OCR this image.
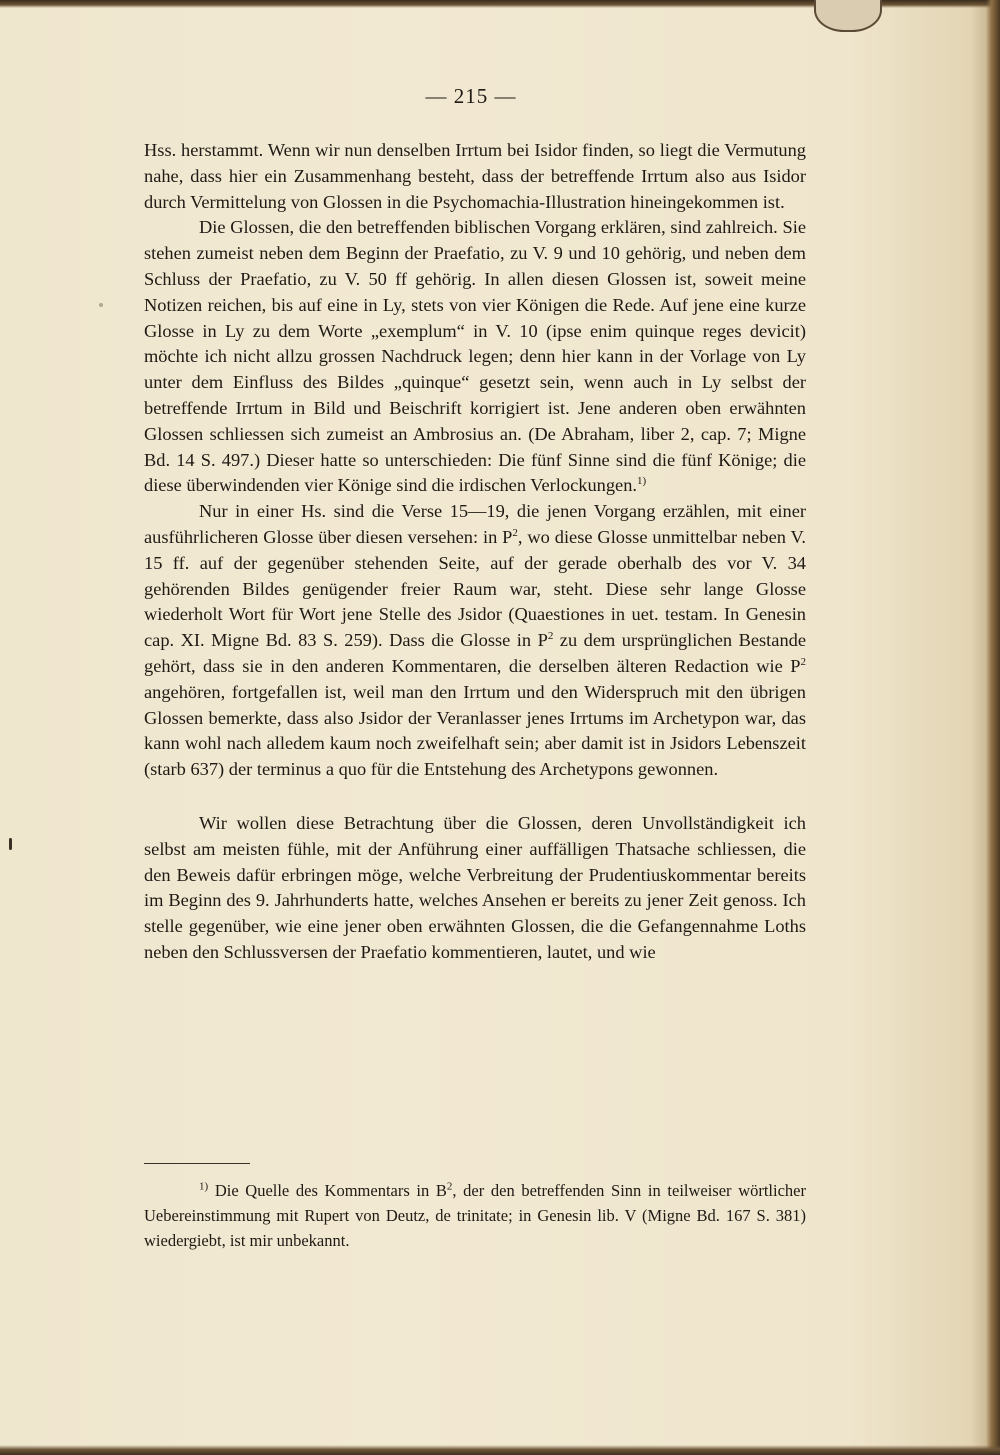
— 215 —

Hss. herstammt. Wenn wir nun denselben Irrtum bei Isidor finden, so liegt die Vermutung nahe, dass hier ein Zusammenhang besteht, dass der betreffende Irrtum also aus Isidor durch Vermittelung von Glossen in die Psychomachia-Illustration hineingekommen ist.

Die Glossen, die den betreffenden biblischen Vorgang erklären, sind zahlreich. Sie stehen zumeist neben dem Beginn der Praefatio, zu V. 9 und 10 gehörig, und neben dem Schluss der Praefatio, zu V. 50 ff gehörig. In allen diesen Glossen ist, soweit meine Notizen reichen, bis auf eine in Ly, stets von vier Königen die Rede. Auf jene eine kurze Glosse in Ly zu dem Worte „exemplum“ in V. 10 (ipse enim quinque reges devicit) möchte ich nicht allzu grossen Nachdruck legen; denn hier kann in der Vorlage von Ly unter dem Einfluss des Bildes „quinque“ gesetzt sein, wenn auch in Ly selbst der betreffende Irrtum in Bild und Beischrift korrigiert ist. Jene anderen oben erwähnten Glossen schliessen sich zumeist an Ambrosius an. (De Abraham, liber 2, cap. 7; Migne Bd. 14 S. 497.) Dieser hatte so unterschieden: Die fünf Sinne sind die fünf Könige; die diese überwindenden vier Könige sind die irdischen Verlockungen.$^{1)}$

Nur in einer Hs. sind die Verse 15—19, die jenen Vorgang erzählen, mit einer ausführlicheren Glosse über diesen versehen: in $P^2$, wo diese Glosse unmittelbar neben V. 15 ff. auf der gegenüber stehenden Seite, auf der gerade oberhalb des vor V. 34 gehörenden Bildes genügender freier Raum war, steht. Diese sehr lange Glosse wiederholt Wort für Wort jene Stelle des Jsidor (Quaestiones in uet. testam. In Genesin cap. XI. Migne Bd. 83 S. 259). Dass die Glosse in $P^2$ zu dem ursprünglichen Bestande gehört, dass sie in den anderen Kommentaren, die derselben älteren Redaction wie $P^2$ angehören, fortgefallen ist, weil man den Irrtum und den Widerspruch mit den übrigen Glossen bemerkte, dass also Jsidor der Veranlasser jenes Irrtums im Archetypon war, das kann wohl nach alledem kaum noch zweifelhaft sein; aber damit ist in Jsidors Lebenszeit (starb 637) der terminus a quo für die Entstehung des Archetypons gewonnen.

Wir wollen diese Betrachtung über die Glossen, deren Unvollständigkeit ich selbst am meisten fühle, mit der Anführung einer auffälligen Thatsache schliessen, die den Beweis dafür erbringen möge, welche Verbreitung der Prudentiuskommentar bereits im Beginn des 9. Jahrhunderts hatte, welches Ansehen er bereits zu jener Zeit genoss. Ich stelle gegenüber, wie eine jener oben erwähnten Glossen, die die Gefangennahme Loths neben den Schlussversen der Praefatio kommentieren, lautet, und wie

$^{1)}$ Die Quelle des Kommentars in $B^2$, der den betreffenden Sinn in teilweiser wörtlicher Uebereinstimmung mit Rupert von Deutz, de trinitate; in Genesin lib. V (Migne Bd. 167 S. 381) wiedergiebt, ist mir unbekannt.
